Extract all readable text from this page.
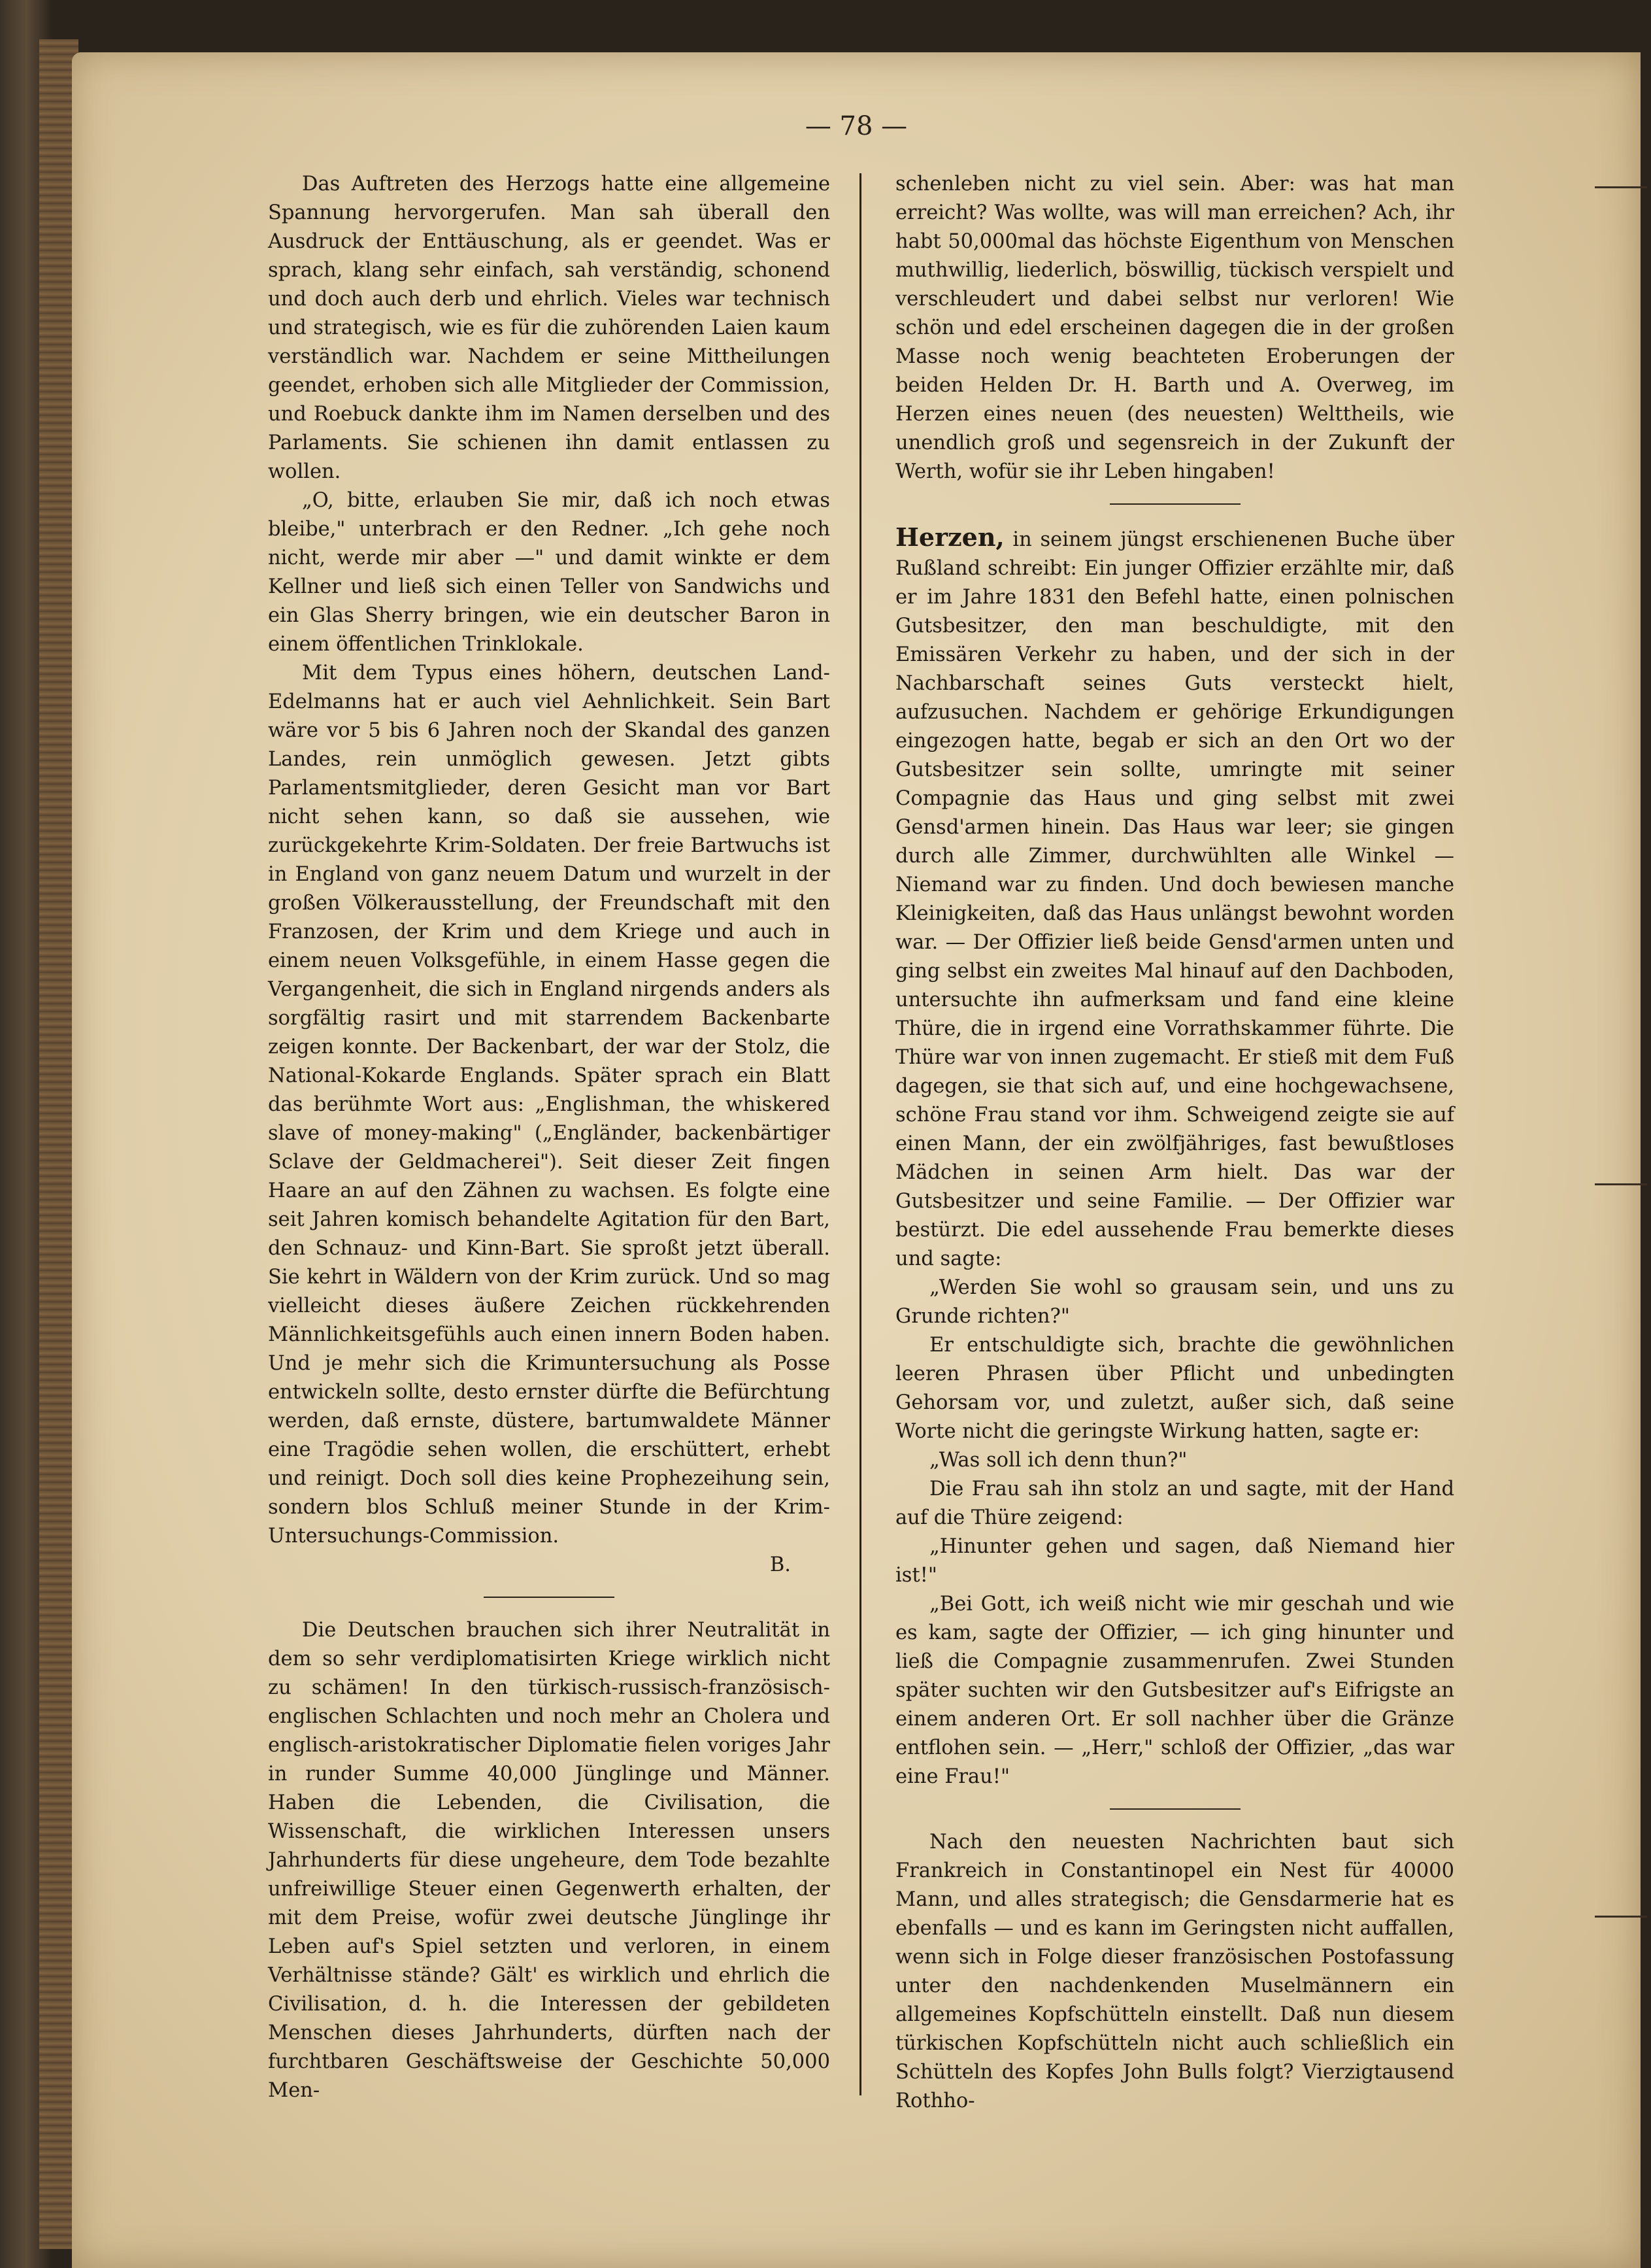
— 78 —

Das Auftreten des Herzogs hatte eine allgemeine Spannung hervorgerufen. Man sah überall den Ausdruck der Enttäuschung, als er geendet. Was er sprach, klang sehr einfach, sah verständig, schonend und doch auch derb und ehrlich. Vieles war technisch und strategisch, wie es für die zuhörenden Laien kaum verständlich war. Nachdem er seine Mittheilungen geendet, erhoben sich alle Mitglieder der Commission, und Roebuck dankte ihm im Namen derselben und des Parlaments. Sie schienen ihn damit entlassen zu wollen.

„O, bitte, erlauben Sie mir, daß ich noch etwas bleibe," unterbrach er den Redner. „Ich gehe noch nicht, werde mir aber —" und damit winkte er dem Kellner und ließ sich einen Teller von Sandwichs und ein Glas Sherry bringen, wie ein deutscher Baron in einem öffentlichen Trinklokale.

Mit dem Typus eines höhern, deutschen Land-Edelmanns hat er auch viel Aehnlichkeit. Sein Bart wäre vor 5 bis 6 Jahren noch der Skandal des ganzen Landes, rein unmöglich gewesen. Jetzt gibts Parlamentsmitglieder, deren Gesicht man vor Bart nicht sehen kann, so daß sie aussehen, wie zurückgekehrte Krim-Soldaten. Der freie Bartwuchs ist in England von ganz neuem Datum und wurzelt in der großen Völkerausstellung, der Freundschaft mit den Franzosen, der Krim und dem Kriege und auch in einem neuen Volksgefühle, in einem Hasse gegen die Vergangenheit, die sich in England nirgends anders als sorgfältig rasirt und mit starrendem Backenbarte zeigen konnte. Der Backenbart, der war der Stolz, die National-Kokarde Englands. Später sprach ein Blatt das berühmte Wort aus: „Englishman, the whiskered slave of money-making" („Engländer, backenbärtiger Sclave der Geldmacherei"). Seit dieser Zeit fingen Haare an auf den Zähnen zu wachsen. Es folgte eine seit Jahren komisch behandelte Agitation für den Bart, den Schnauz- und Kinn-Bart. Sie sproßt jetzt überall. Sie kehrt in Wäldern von der Krim zurück. Und so mag vielleicht dieses äußere Zeichen rückkehrenden Männlichkeitsgefühls auch einen innern Boden haben. Und je mehr sich die Krimuntersuchung als Posse entwickeln sollte, desto ernster dürfte die Befürchtung werden, daß ernste, düstere, bartumwaldete Männer eine Tragödie sehen wollen, die erschüttert, erhebt und reinigt. Doch soll dies keine Prophezeihung sein, sondern blos Schluß meiner Stunde in der Krim-Untersuchungs-Commission.

B.

Die Deutschen brauchen sich ihrer Neutralität in dem so sehr verdiplomatisirten Kriege wirklich nicht zu schämen! In den türkisch-russisch-französisch-englischen Schlachten und noch mehr an Cholera und englisch-aristokratischer Diplomatie fielen voriges Jahr in runder Summe 40,000 Jünglinge und Männer. Haben die Lebenden, die Civilisation, die Wissenschaft, die wirklichen Interessen unsers Jahrhunderts für diese ungeheure, dem Tode bezahlte unfreiwillige Steuer einen Gegenwerth erhalten, der mit dem Preise, wofür zwei deutsche Jünglinge ihr Leben auf's Spiel setzten und verloren, in einem Verhältnisse stände? Gält' es wirklich und ehrlich die Civilisation, d. h. die Interessen der gebildeten Menschen dieses Jahrhunderts, dürften nach der furchtbaren Geschäftsweise der Geschichte 50,000 Men-

schenleben nicht zu viel sein. Aber: was hat man erreicht? Was wollte, was will man erreichen? Ach, ihr habt 50,000mal das höchste Eigenthum von Menschen muthwillig, liederlich, böswillig, tückisch verspielt und verschleudert und dabei selbst nur verloren! Wie schön und edel erscheinen dagegen die in der großen Masse noch wenig beachteten Eroberungen der beiden Helden Dr. H. Barth und A. Overweg, im Herzen eines neuen (des neuesten) Welttheils, wie unendlich groß und segensreich in der Zukunft der Werth, wofür sie ihr Leben hingaben!

Herzen, in seinem jüngst erschienenen Buche über Rußland schreibt: Ein junger Offizier erzählte mir, daß er im Jahre 1831 den Befehl hatte, einen polnischen Gutsbesitzer, den man beschuldigte, mit den Emissären Verkehr zu haben, und der sich in der Nachbarschaft seines Guts versteckt hielt, aufzusuchen. Nachdem er gehörige Erkundigungen eingezogen hatte, begab er sich an den Ort wo der Gutsbesitzer sein sollte, umringte mit seiner Compagnie das Haus und ging selbst mit zwei Gensd'armen hinein. Das Haus war leer; sie gingen durch alle Zimmer, durchwühlten alle Winkel — Niemand war zu finden. Und doch bewiesen manche Kleinigkeiten, daß das Haus unlängst bewohnt worden war. — Der Offizier ließ beide Gensd'armen unten und ging selbst ein zweites Mal hinauf auf den Dachboden, untersuchte ihn aufmerksam und fand eine kleine Thüre, die in irgend eine Vorrathskammer führte. Die Thüre war von innen zugemacht. Er stieß mit dem Fuß dagegen, sie that sich auf, und eine hochgewachsene, schöne Frau stand vor ihm. Schweigend zeigte sie auf einen Mann, der ein zwölfjähriges, fast bewußtloses Mädchen in seinen Arm hielt. Das war der Gutsbesitzer und seine Familie. — Der Offizier war bestürzt. Die edel aussehende Frau bemerkte dieses und sagte:

„Werden Sie wohl so grausam sein, und uns zu Grunde richten?"

Er entschuldigte sich, brachte die gewöhnlichen leeren Phrasen über Pflicht und unbedingten Gehorsam vor, und zuletzt, außer sich, daß seine Worte nicht die geringste Wirkung hatten, sagte er:

„Was soll ich denn thun?"

Die Frau sah ihn stolz an und sagte, mit der Hand auf die Thüre zeigend:

„Hinunter gehen und sagen, daß Niemand hier ist!"

„Bei Gott, ich weiß nicht wie mir geschah und wie es kam, sagte der Offizier, — ich ging hinunter und ließ die Compagnie zusammenrufen. Zwei Stunden später suchten wir den Gutsbesitzer auf's Eifrigste an einem anderen Ort. Er soll nachher über die Gränze entflohen sein. — „Herr," schloß der Offizier, „das war eine Frau!"

Nach den neuesten Nachrichten baut sich Frankreich in Constantinopel ein Nest für 40000 Mann, und alles strategisch; die Gensdarmerie hat es ebenfalls — und es kann im Geringsten nicht auffallen, wenn sich in Folge dieser französischen Postofassung unter den nachdenkenden Muselmännern ein allgemeines Kopfschütteln einstellt. Daß nun diesem türkischen Kopfschütteln nicht auch schließlich ein Schütteln des Kopfes John Bulls folgt? Vierzigtausend Rothho-
